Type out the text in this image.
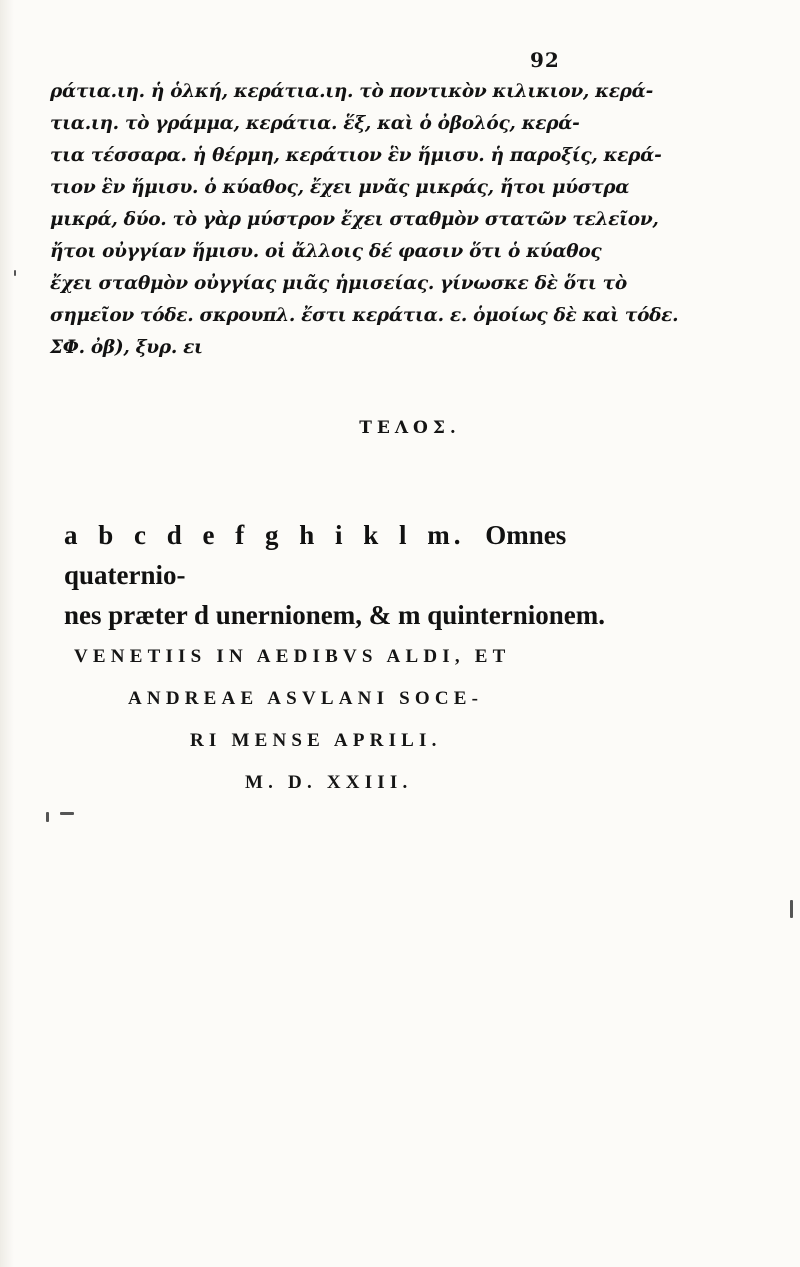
92
ράτια.ιη. ἡ ὁλκή, κεράτια.ιη. τὸ ποντικὸν κιλικιον, κερά-
τια.ιη. τὸ γράμμα, κεράτια. ἕξ, καὶ ὁ ὀβολός, κερά-
τια τέσσαρα. ἡ θέρμη, κεράτιον ἓν ἥμισυ. ἡ παροξίς, κερά-
τιον ἓν ἥμισυ. ὁ κύαθος, ἔχει μνᾶς μικράς, ἤτοι μύστρα
μικρά, δύο. τὸ γὰρ μύστρον ἔχει σταθμὸν στατῶν τελεῖον,
ἤτοι οὐγγίαν ἥμισυ. οἱ ἄλλοις δέ φασιν ὅτι ὁ κύαθος
ἔχει σταθμὸν οὐγγίας μιᾶς ἡμισείας. γίνωσκε δὲ ὅτι τὸ
σημεῖον τόδε. σκρουπλ. ἔστι κεράτια. ε. ὁμοίως δὲ καὶ τόδε.
ΣΦ. ὀβ), ξυρ. ει
ΤΕΛΟΣ.
a b c d e f g h i k l m. Omnes quaternio-
nes præter d unernionem, & m quinternionem.
VENETIIS IN AEDIBVS ALDI, ET
ANDREAE ASVLANI SOCE-
RI MENSE APRILI.
M. D. XXIII.
